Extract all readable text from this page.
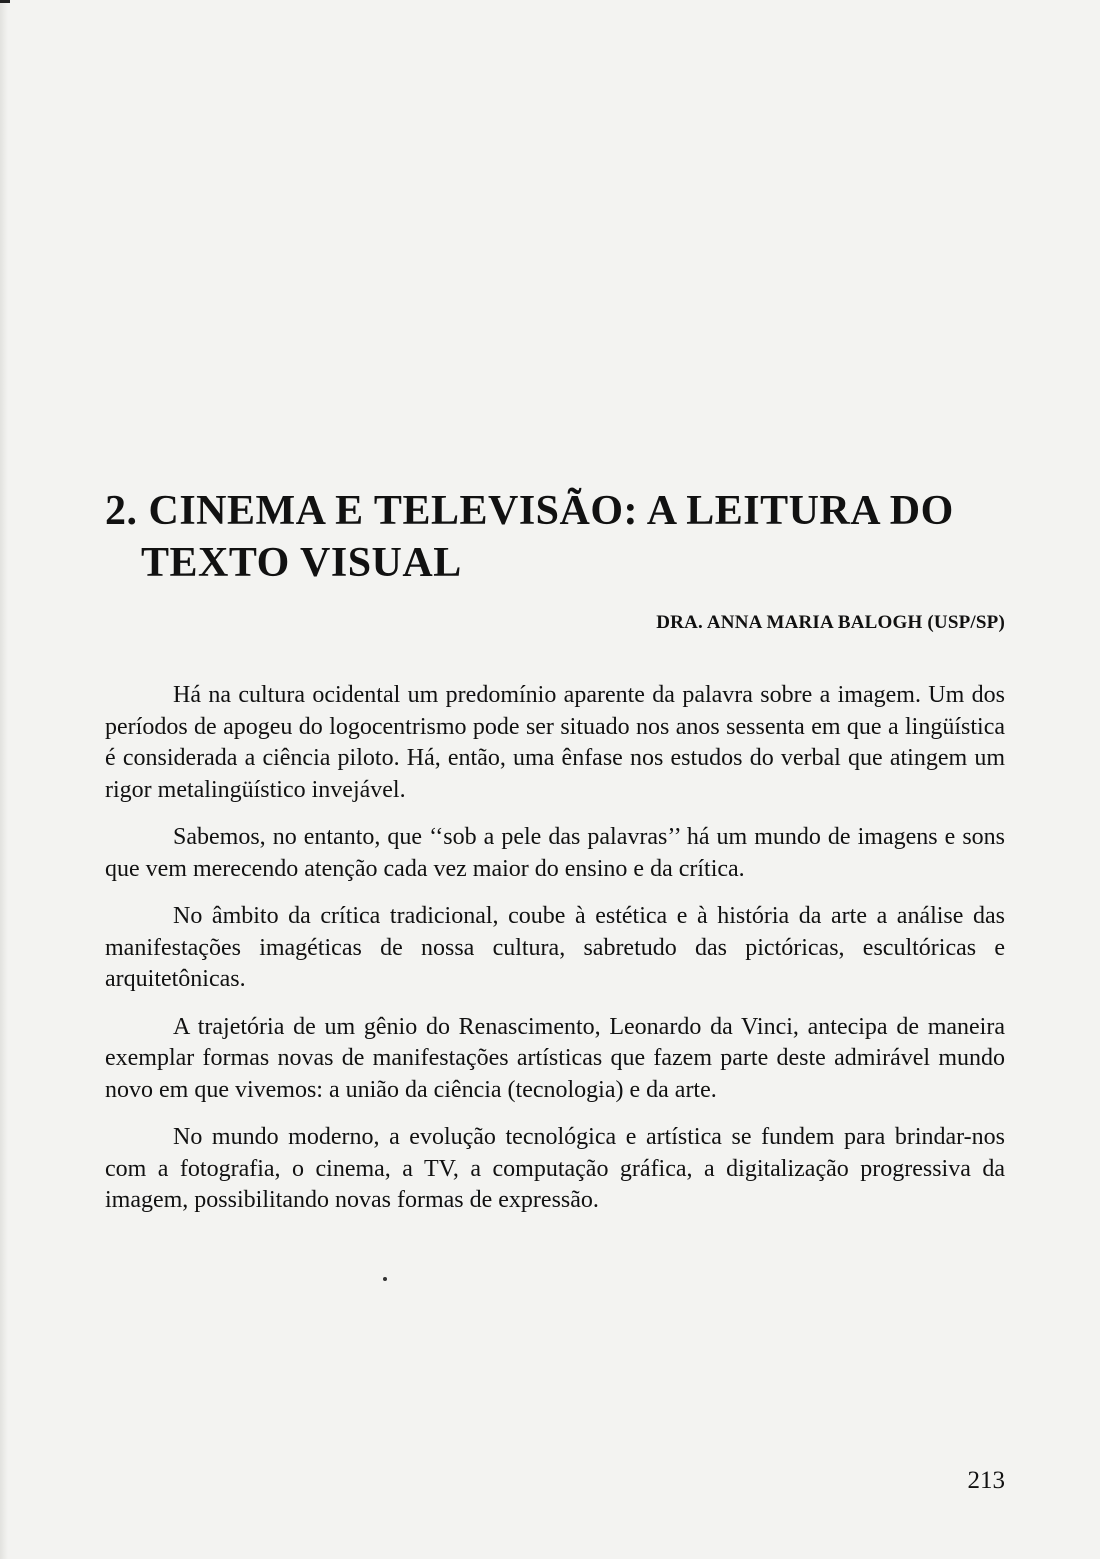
2. CINEMA E TELEVISÃO: A LEITURA DO TEXTO VISUAL
DRA. ANNA MARIA BALOGH (USP/SP)

Há na cultura ocidental um predomínio aparente da palavra sobre a imagem. Um dos períodos de apogeu do logocentrismo pode ser situado nos anos sessenta em que a lingüística é considerada a ciência piloto. Há, então, uma ênfase nos estudos do verbal que atingem um rigor metalingüístico invejável.

Sabemos, no entanto, que ‘‘sob a pele das palavras’’ há um mundo de imagens e sons que vem merecendo atenção cada vez maior do ensino e da crítica.

No âmbito da crítica tradicional, coube à estética e à história da arte a análise das manifestações imagéticas de nossa cultura, sabretudo das pictóricas, escultóricas e arquitetônicas.

A trajetória de um gênio do Renascimento, Leonardo da Vinci, antecipa de maneira exemplar formas novas de manifestações artísticas que fazem parte deste admirável mundo novo em que vivemos: a união da ciência (tecnologia) e da arte.

No mundo moderno, a evolução tecnológica e artística se fundem para brindar-nos com a fotografia, o cinema, a TV, a computação gráfica, a digitalização progressiva da imagem, possibilitando novas formas de expressão.

213
